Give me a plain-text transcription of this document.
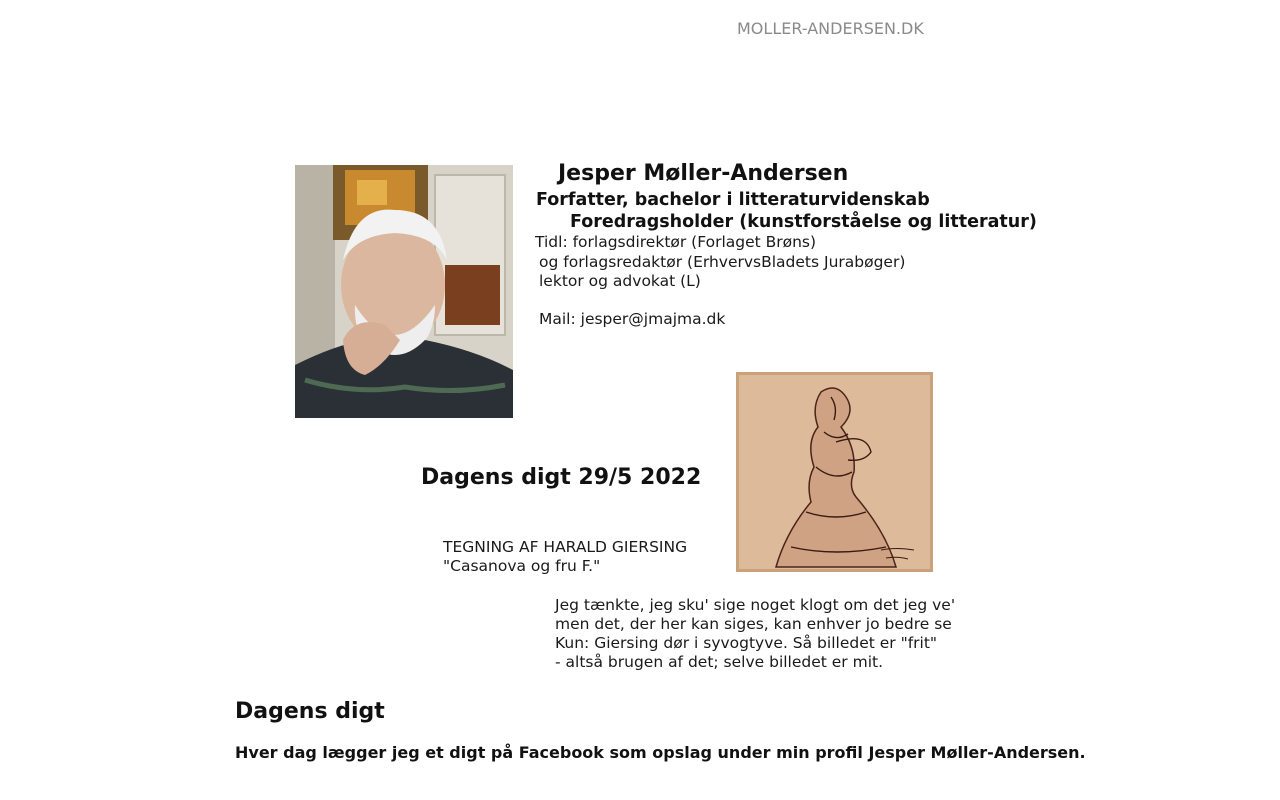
MOLLER-ANDERSEN.DK
Jesper Møller-Andersen
Forfatter, bachelor i litteraturvidenskab
Foredragsholder (kunstforståelse og litteratur)
Tidl: forlagsdirektør (Forlaget Brøns)
og forlagsredaktør (ErhvervsBladets Jurabøger)
lektor og advokat (L)
Mail: jesper@jmajma.dk
Dagens digt 29/5 2022
TEGNING AF HARALD GIERSING
"Casanova og fru F."
Jeg tænkte, jeg sku' sige noget klogt om det jeg ve'
men det, der her kan siges, kan enhver jo bedre se
Kun: Giersing dør i syvogtyve. Så billedet er "frit"
- altså brugen af det; selve billedet er mit.
Dagens digt
Hver dag lægger jeg et digt på Facebook som opslag under min profil Jesper Møller-Andersen.
